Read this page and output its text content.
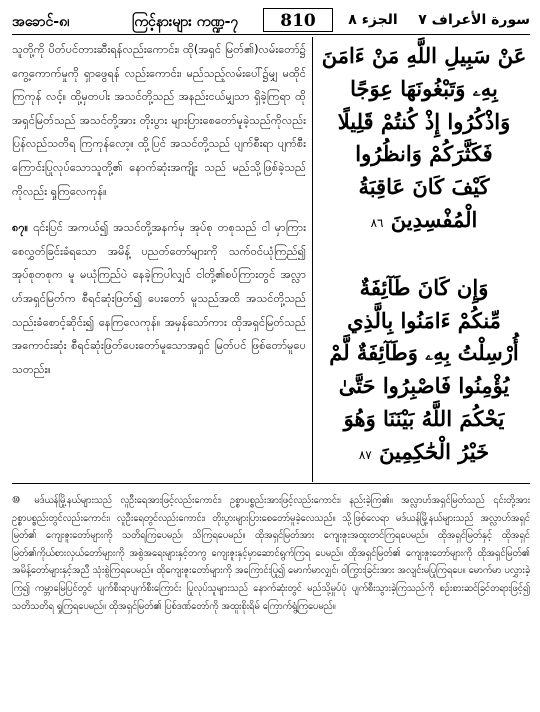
အခောင်-၈၊	ကြင့်နားများ ကဏ္ဍ-၇	810	الجزء ٨	سورة الأعراف ٧

သူတို့ကို ပိတ်ပင်တားဆီးရန်လည်းကောင်း၊ ထို(အရှင် မြတ်၏)လမ်းတော်၌ ကွေ့ကောက်မှုကို ရှာဖွေရန် လည်းကောင်း၊ မည်သည့်လမ်းပေါ်၌မျှ မထိုင်ကြကုန် လင့်။ ထို့မှတပါး အသင်တို့သည် အနည်းငယ်မျှသာ ရှိခဲ့ကြရာ ထိုအရှင်မြတ်သည် အသင်တို့အား တိုးပွား များပြားစေတော်မူခဲ့သည်ကိုလည်း ပြန်လည်သတိရ ကြကုန်လော့။ ထို့ပြင် အသင်တို့သည် ပျက်စီးရာ ပျက်စီးကြောင်းပြုလုပ်သောသူတို့၏ နောက်ဆုံးအကျိုး သည် မည်သို့ဖြစ်ခဲ့သည်ကိုလည်း ရှုကြလေကုန်။

၈၇။ ၎င်းပြင် အကယ်၍ အသင်တို့အနက်မှ အုပ်စု တစုသည် ငါ မှာကြားစေလွှတ်ခြင်းခံရသော အမိန့် ပညတ်တော်များကို သက်ဝင်ယုံကြည်၍ အုပ်စုတစုက မူ မယုံကြည်ပဲ နေခဲ့ကြပါလျှင် ငါတို့၏စပ်ကြားတွင် အလ္လာဟ်အရှင်မြတ်က စီရင်ဆုံးဖြတ်၍ ပေးတော် မူသည်အထိ အသင်တို့သည် သည်းခံစောင့်ဆိုင်း၍ နေကြလေကုန်။ အမှန်သော်ကား ထိုအရှင်မြတ်သည် အကောင်းဆုံး စီရင်ဆုံးဖြတ်ပေးတော်မူသောအရှင် မြတ်ပင် ဖြစ်တော်မူပေသတည်း။

عَنْ سَبِيلِ اللَّهِ مَنْ ءَامَنَ
بِهِۦ وَتَبْغُونَهَا عِوَجًا
وَاذْكُرُوا إِذْ كُنتُمْ قَلِيلًا
فَكَثَّرَكُمْ وَانظُرُوا
كَيْفَ كَانَ عَاقِبَةُ
الْمُفْسِدِينَ ٨٦
وَإِن كَانَ طَآئِفَةٌ
مِّنكُمْ ءَامَنُوا بِالَّذِي
أُرْسِلْتُ بِهِۦ وَطَآئِفَةٌ لَّمْ
يُؤْمِنُوا فَاصْبِرُوا حَتَّىٰ
يَحْكُمَ اللَّهُ بَيْنَنَا وَهُوَ
خَيْرُ الْحَٰكِمِينَ ٨٧

⑩ မဒ်ယန်မြို့နယ်များသည် လူဦးရေအားဖြင့်လည်းကောင်း၊ ဥစ္စာပစ္စည်းအားဖြင့်လည်းကောင်း၊ နည်းခဲ့ကြ၏။ အလ္လာဟ်အရှင်မြတ်သည် ၎င်းတို့အား ဥစ္စာပစ္စည်းတွင်လည်းကောင်း၊ လူဦးရေတွင်လည်းကောင်း၊ တိုးပွားများပြားစေတော်မူခဲ့လေသည်။ သို့ဖြစ်လေရာ မဒ်ယန်မြို့နယ်များသည် အလ္လာဟ်အရှင်မြတ်၏ ကျေးဇူးတော်များကို သတိရကြပေမည်၊ သိကြရပေမည်။ ထိုအရှင်မြတ်အား ကျေးဇူးအထူးတင်ကြရပေမည်။ ထိုအရှင်မြတ်နှင့် ထိုအရှင်မြတ်၏ကိုယ်စားလှယ်တော်များကို အစွဲအရေးများနှင့်တကွ ကျေးဇူးနှင့်မှာဆောင်ရွက်ကြရ ပေမည်။ ထိုအရှင်မြတ်၏ ကျေးဇူးတော်များကို ထိုအရှင်မြတ်၏ အမိန့်တော်များနှင့်အညီ သုံးစွဲကြရပေမည်။ ထိုကျေးဇူးတော်များကို အကြောင်းပြု၍ မောက်မာလျှင်၊ ဝါကြွားခြင်းအား အလျင်းမပြုကြရပေ။ မောက်မာ ပလွှားခဲ့ကြ၍ ကမ္ဘာမြေပြင်တွင် ပျက်စီးရာပျက်စီးကြောင်း ပြုလုပ်သူများသည် နောက်ဆုံးတွင် မည်သို့မှုပ်ပုံ ပျက်စီးသွားခဲ့ကြသည်ကို စဉ်းစားဆင်ခြင်တရားဖြင့်၍ သတိသတိရ ရှုကြရပေမည်။ ထိုအရှင်မြတ်၏ ပြစ်ဒဏ်တော်ကို အထူးစိုးရိမ် ကြောက်ရွံ့ကြပေမည်။
